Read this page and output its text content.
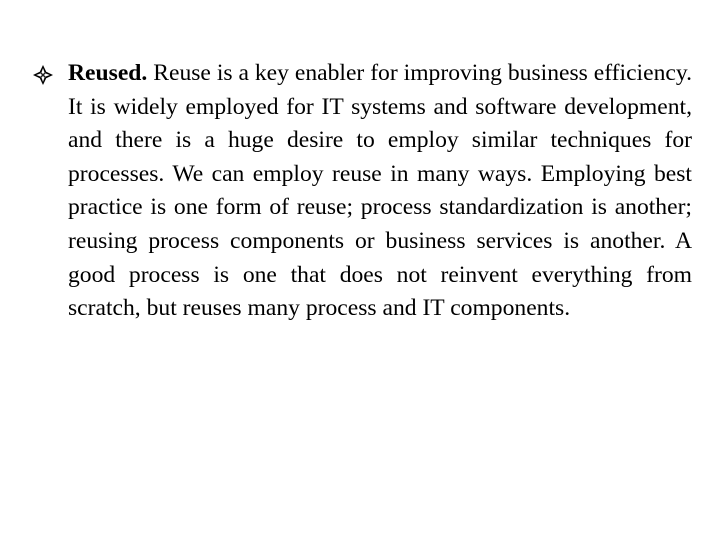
Reused. Reuse is a key enabler for improving business efficiency. It is widely employed for IT systems and software development, and there is a huge desire to employ similar techniques for processes. We can employ reuse in many ways. Employing best practice is one form of reuse; process standardization is another; reusing process components or business services is another. A good process is one that does not reinvent everything from scratch, but reuses many process and IT components.
